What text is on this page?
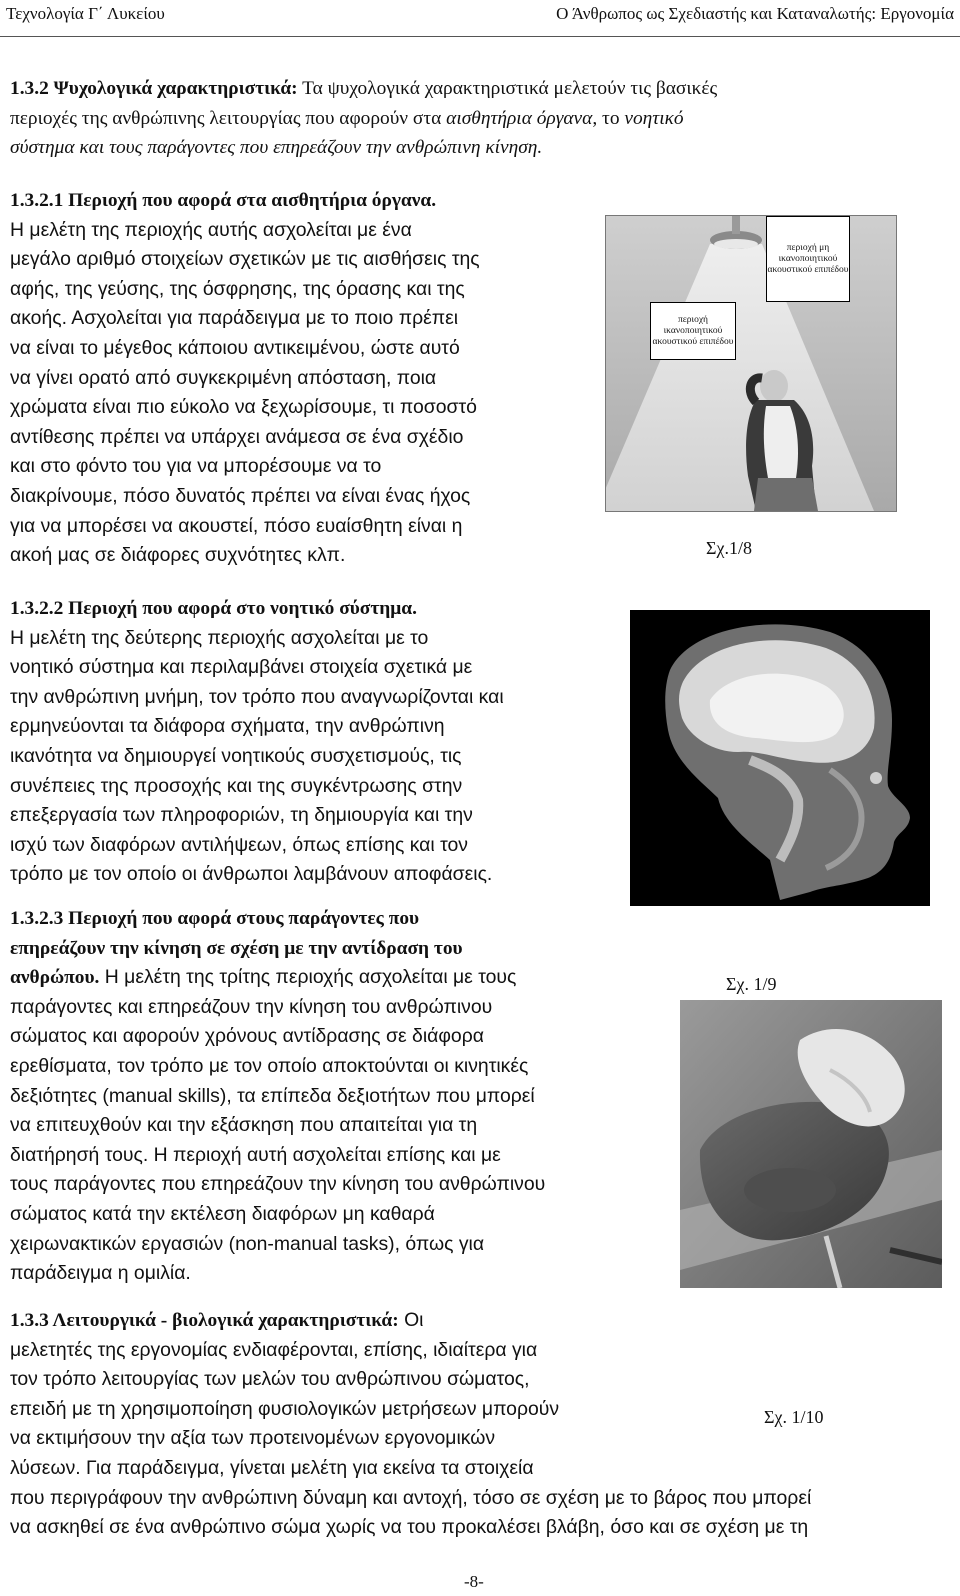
Τεχνολογία Γ΄ Λυκείου	Ο Άνθρωπος ως Σχεδιαστής και Καταναλωτής: Εργονομία
1.3.2 Ψυχολογικά χαρακτηριστικά: Τα ψυχολογικά χαρακτηριστικά μελετούν τις βασικές
περιοχές της ανθρώπινης λειτουργίας που αφορούν στα αισθητήρια όργανα, το νοητικό
σύστημα και τους παράγοντες που επηρεάζουν την ανθρώπινη κίνηση.
1.3.2.1 Περιοχή που αφορά στα αισθητήρια όργανα.
Η μελέτη της περιοχής αυτής ασχολείται με ένα
μεγάλο αριθμό στοιχείων σχετικών με τις αισθήσεις της
αφής, της γεύσης, της όσφρησης, της όρασης και της
ακοής. Ασχολείται για παράδειγμα με το ποιο πρέπει
να είναι το μέγεθος κάποιου αντικειμένου, ώστε αυτό
να γίνει ορατό από συγκεκριμένη απόσταση, ποια
χρώματα είναι πιο εύκολο να ξεχωρίσουμε, τι ποσοστό
αντίθεσης πρέπει να υπάρχει ανάμεσα σε ένα σχέδιο
και στο φόντο του για να μπορέσουμε να το
διακρίνουμε, πόσο δυνατός πρέπει να είναι ένας ήχος
για να μπορέσει να ακουστεί, πόσο ευαίσθητη είναι η
ακοή μας σε διάφορες συχνότητες κλπ.
1.3.2.2 Περιοχή που αφορά στο νοητικό σύστημα.
Η μελέτη της δεύτερης περιοχής ασχολείται με το
νοητικό σύστημα και περιλαμβάνει στοιχεία σχετικά με
την ανθρώπινη μνήμη, τον τρόπο που αναγνωρίζονται και
ερμηνεύονται τα διάφορα σχήματα, την ανθρώπινη
ικανότητα να δημιουργεί νοητικούς συσχετισμούς, τις
συνέπειες της προσοχής και της συγκέντρωσης στην
επεξεργασία των πληροφοριών, τη δημιουργία και την
ισχύ των διαφόρων αντιλήψεων, όπως επίσης και τον
τρόπο με τον οποίο οι άνθρωποι λαμβάνουν αποφάσεις.
1.3.2.3 Περιοχή που αφορά στους παράγοντες που
επηρεάζουν την κίνηση σε σχέση με την αντίδραση του
ανθρώπου. Η μελέτη της τρίτης περιοχής ασχολείται με τους
παράγοντες και επηρεάζουν την κίνηση του ανθρώπινου
σώματος και αφορούν χρόνους αντίδρασης σε διάφορα
ερεθίσματα, τον τρόπο με τον οποίο αποκτούνται οι κινητικές
δεξιότητες (manual skills), τα επίπεδα δεξιοτήτων που μπορεί
να επιτευχθούν και την εξάσκηση που απαιτείται για τη
διατήρησή τους. Η περιοχή αυτή ασχολείται επίσης και με
τους παράγοντες που επηρεάζουν την κίνηση του ανθρώπινου
σώματος κατά την εκτέλεση διαφόρων μη καθαρά
χειρωνακτικών εργασιών (non-manual tasks), όπως για
παράδειγμα η ομιλία.
1.3.3 Λειτουργικά - βιολογικά χαρακτηριστικά: Οι
μελετητές της εργονομίας ενδιαφέρονται, επίσης, ιδιαίτερα για
τον τρόπο λειτουργίας των μελών του ανθρώπινου σώματος,
επειδή με τη χρησιμοποίηση φυσιολογικών μετρήσεων μπορούν
να εκτιμήσουν την αξία των προτεινομένων εργονομικών
λύσεων. Για παράδειγμα, γίνεται μελέτη για εκείνα τα στοιχεία
που περιγράφουν την ανθρώπινη δύναμη και αντοχή, τόσο σε σχέση με το βάρος που μπορεί
να ασκηθεί σε ένα ανθρώπινο σώμα χωρίς να του προκαλέσει βλάβη, όσο και σε σχέση με τη
περιοχή μη ικανοποιητικού ακουστικού επιπέδου
περιοχή ικανοποιητικού ακουστικού επιπέδου
Σχ.1/8
Σχ. 1/9
Σχ. 1/10
-8-
